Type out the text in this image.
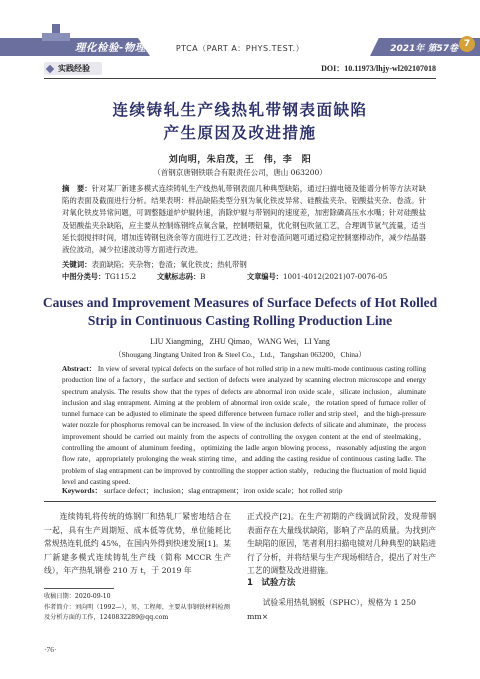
理化检验-物理分册 PTCA（PART A：PHYS.TEST.）	2021年 第57卷 7
实践经验	DOI：10.11973/lhjy-wl202107018
连续铸轧生产线热轧带钢表面缺陷
产生原因及改进措施
刘向明，朱启茂，王　伟，李　阳
（首钢京唐钢铁联合有限责任公司，唐山 063200）
摘　要：针对某厂新建多模式连续铸轧生产线热轧带钢表面几种典型缺陷，通过扫描电镜及能谱分析等方法对缺陷的表面及截面进行分析。结果表明：样品缺陷类型分别为氧化铁皮异常、硅酸盐夹杂、铝酸盐夹杂、卷渣。针对氧化铁皮异常问题，可调整隧道炉炉辊转速，消除炉辊与带钢间的速度差，加密除磷高压水水嘴；针对硅酸盐及铝酸盐夹杂缺陷，应主要从控制炼钢终点氧含量，控制喂铝量，优化钢包吹氩工艺，合理调节氩气流量，适当延长弱搅拌时间，增加连铸钢包浇余等方面进行工艺改进；针对卷渣问题可通过稳定控制塞棒动作，减少结晶器液位波动，减少拉速波动等方面进行改进。
关键词：表面缺陷；夹杂物；卷渣；氧化铁皮；热轧带钢
中图分类号： TG115.2	文献标志码： B	文章编号： 1001-4012(2021)07-0076-05
Causes and Improvement Measures of Surface Defects of Hot Rolled
Strip in Continuous Casting Rolling Production Line
LIU Xiangming，ZHU Qimao，WANG Wei，LI Yang
（Shougang Jingtang United Iron & Steel Co.，Ltd.，Tangshan 063200，China）
Abstract： In view of several typical defects on the surface of hot rolled strip in a new multi-mode continuous casting rolling production line of a factory，the surface and section of defects were analyzed by scanning electron microscope and energy spectrum analysis. The results show that the types of defects are abnormal iron oxide scale，silicate inclusion，aluminate inclusion and slag entrapment. Aiming at the problem of abnormal iron oxide scale，the rotation speed of furnace roller of tunnel furnace can be adjusted to eliminate the speed difference between furnace roller and strip steel，and the high-pressure water nozzle for phosphorus removal can be increased. In view of the inclusion defects of silicate and aluminate，the process improvement should be carried out mainly from the aspects of controlling the oxygen content at the end of steelmaking，controlling the amount of aluminum feeding，optimizing the ladle argon blowing process，reasonably adjusting the argon flow rate，appropriately prolonging the weak stirring time，and adding the casting residue of continuous casting ladle. The problem of slag entrapment can be improved by controlling the stopper action stably，reducing the fluctuation of mold liquid level and casting speed.
Keywords： surface defect；inclusion；slag entrapment；iron oxide scale；hot rolled strip
连续铸轧将传统的炼钢厂和热轧厂紧密地结合在一起，具有生产周期短、成本低等优势，单位能耗比常规热连轧低约 45%，在国内外得到快速发展[1]。某厂新建多模式连续铸轧生产线（简称 MCCR 生产线），年产热轧钢卷 210 万 t，于 2019 年
正式投产[2]。在生产初期的产线调试阶段，发现带钢表面存在大量线状缺陷，影响了产品的质量。为找到产生缺陷的原因，笔者利用扫描电镜对几种典型的缺陷进行了分析，并将结果与生产现场相结合，提出了对生产工艺的调整及改进措施。
1　试验方法
试验采用热轧钢板（SPHC），规格为 1 250 mm×
收稿日期：2020-09-10
作者简介：刘向明（1992—），男，工程师，主要从事钢铁材料检测及分析方面的工作，1240832289@qq.com
·76·
